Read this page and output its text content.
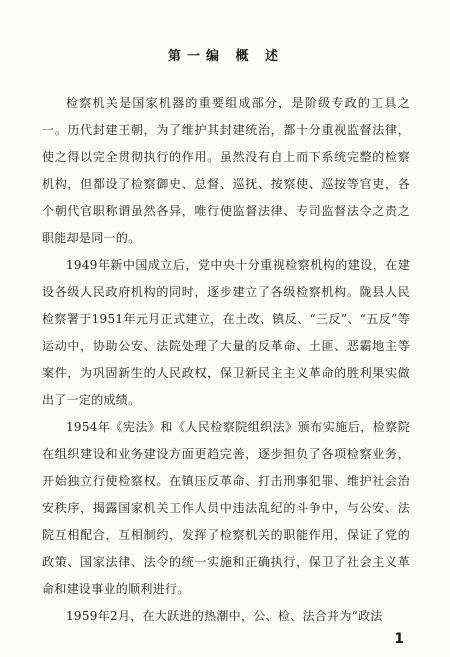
第一编 概 述

检察机关是国家机器的重要组成部分，是阶级专政的工具之一。历代封建王朝，为了维护其封建统治，都十分重视监督法律，使之得以完全贯彻执行的作用。虽然没有自上而下系统完整的检察机构，但都设了检察御史、总督、巡抚、按察使、巡按等官吏，各个朝代官职称谓虽然各异，唯行使监督法律、专司监督法令之责之职能却是同一的。

1949年新中国成立后，党中央十分重视检察机构的建设，在建设各级人民政府机构的同时，逐步建立了各级检察机构。陇县人民检察署于1951年元月正式建立，在土改、镇反、“三反”、“五反”等运动中，协助公安、法院处理了大量的反革命、土匪、恶霸地主等案件，为巩固新生的人民政权，保卫新民主主义革命的胜利果实做出了一定的成绩。

1954年《宪法》和《人民检察院组织法》颁布实施后，检察院在组织建设和业务建设方面更趋完善，逐步担负了各项检察业务，开始独立行使检察权。在镇压反革命、打击刑事犯罪、维护社会治安秩序，揭露国家机关工作人员中违法乱纪的斗争中，与公安、法院互相配合，互相制约，发挥了检察机关的职能作用，保证了党的政策、国家法律、法令的统一实施和正确执行，保卫了社会主义革命和建设事业的顺利进行。

1959年2月，在大跃进的热潮中，公、检、法合并为“政法

1
